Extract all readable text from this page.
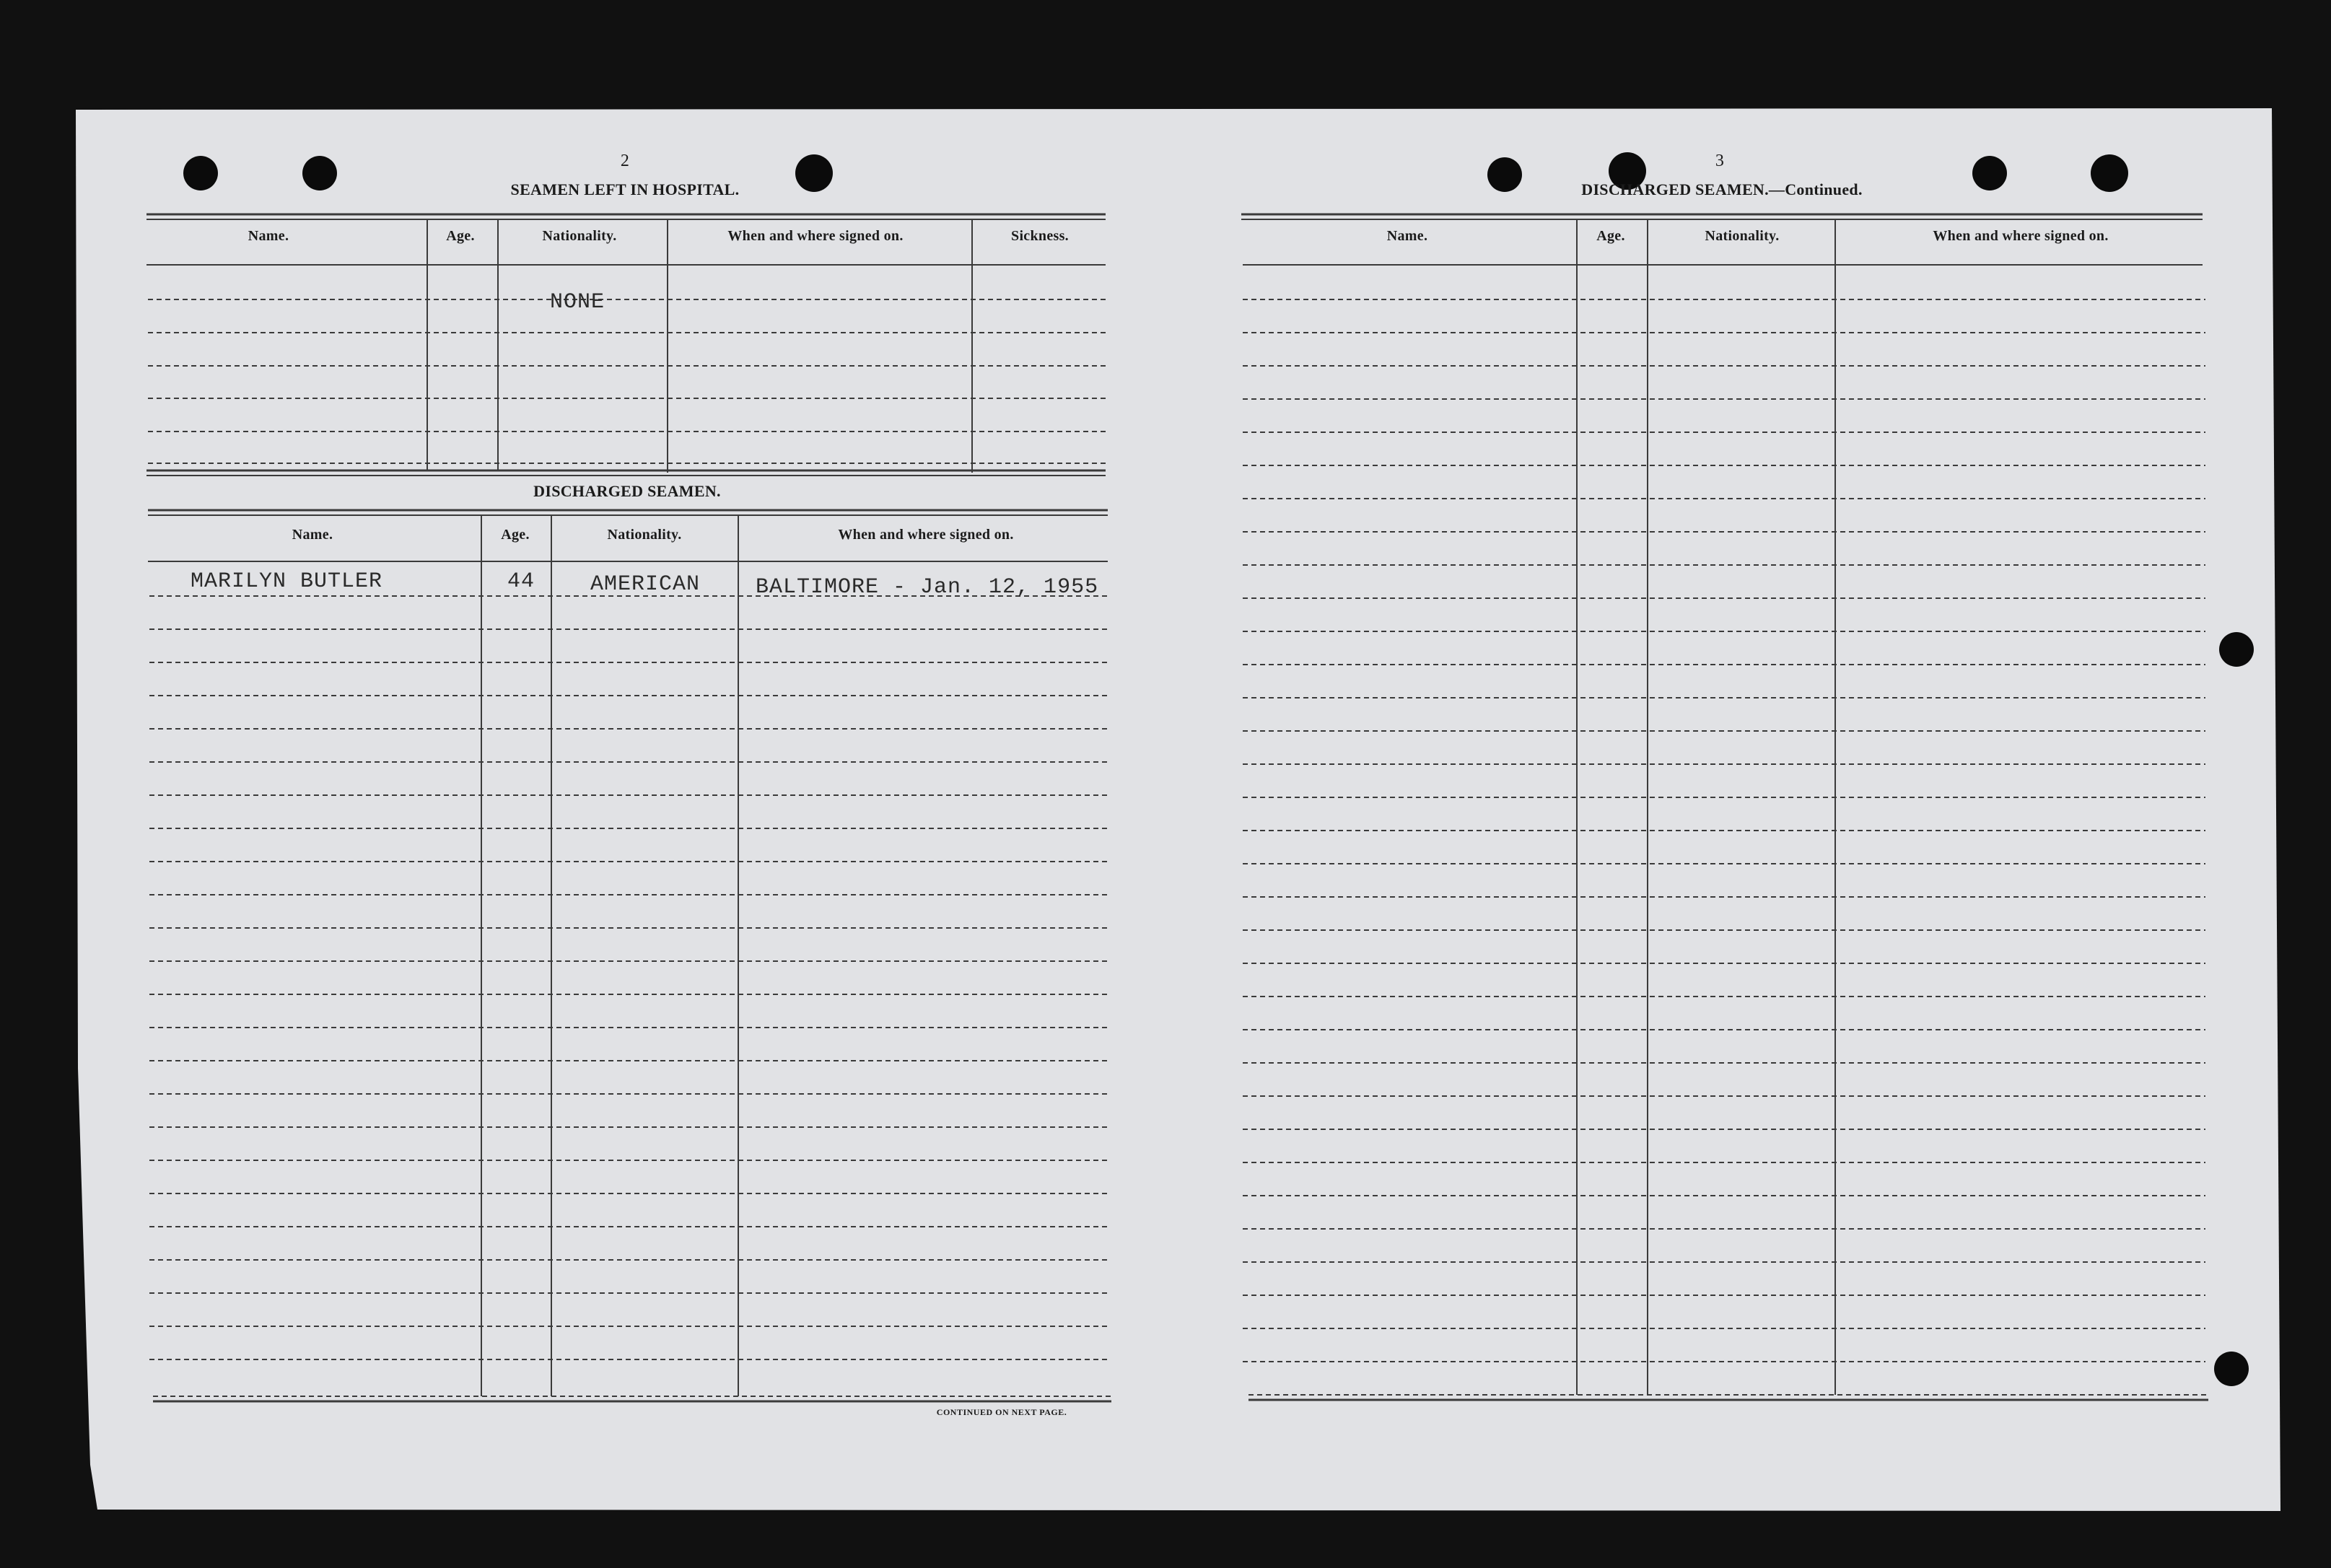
2
SEAMEN LEFT IN HOSPITAL.
Name.	Age.	Nationality.	When and where signed on.	Sickness.
NONE
DISCHARGED SEAMEN.
Name.	Age.	Nationality.	When and where signed on.
MARILYN BUTLER	44	AMERICAN	BALTIMORE - Jan. 12, 1955
CONTINUED ON NEXT PAGE.
3
DISCHARGED SEAMEN.—Continued.
Name.	Age.	Nationality.	When and where signed on.
